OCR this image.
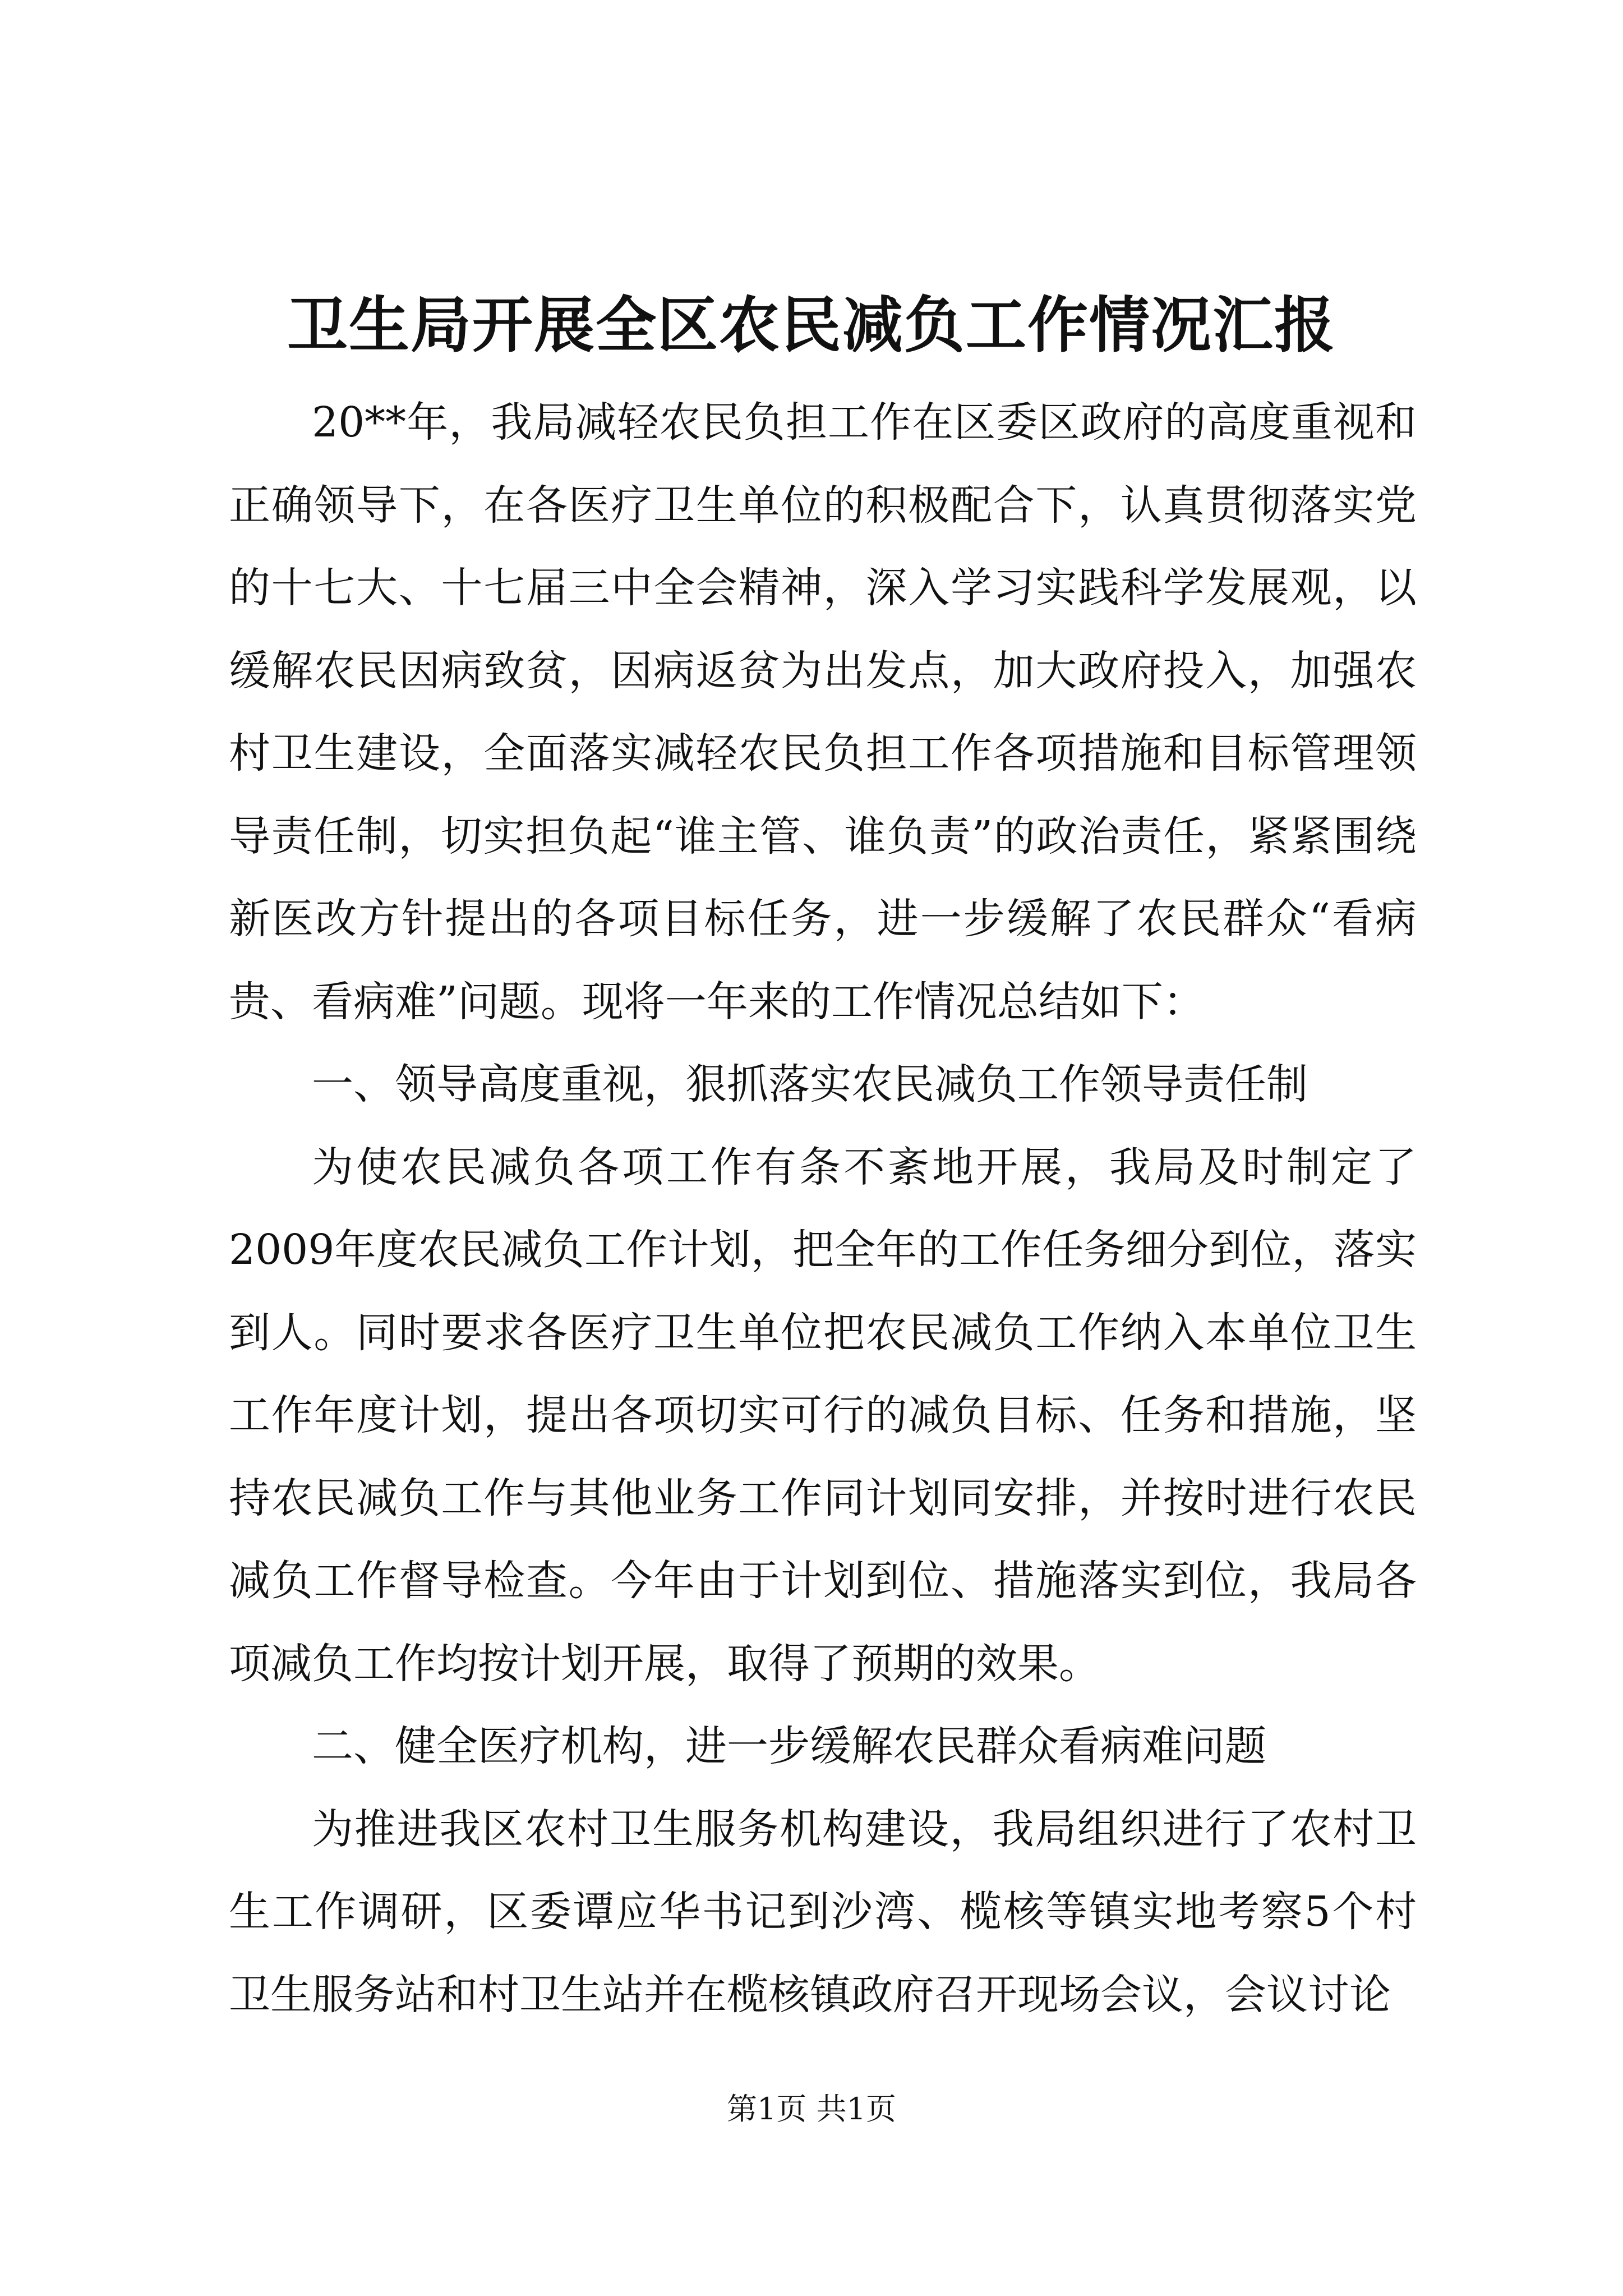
卫生局开展全区农民减负工作情况汇报

20**年，我局减轻农民负担工作在区委区政府的高度重视和正确领导下，在各医疗卫生单位的积极配合下，认真贯彻落实党的十七大、十七届三中全会精神，深入学习实践科学发展观，以缓解农民因病致贫，因病返贫为出发点，加大政府投入，加强农村卫生建设，全面落实减轻农民负担工作各项措施和目标管理领导责任制，切实担负起“谁主管、谁负责”的政治责任，紧紧围绕新医改方针提出的各项目标任务，进一步缓解了农民群众“看病贵、看病难”问题。现将一年来的工作情况总结如下：

一、领导高度重视，狠抓落实农民减负工作领导责任制

为使农民减负各项工作有条不紊地开展，我局及时制定了2009年度农民减负工作计划，把全年的工作任务细分到位，落实到人。同时要求各医疗卫生单位把农民减负工作纳入本单位卫生工作年度计划，提出各项切实可行的减负目标、任务和措施，坚持农民减负工作与其他业务工作同计划同安排，并按时进行农民减负工作督导检查。今年由于计划到位、措施落实到位，我局各项减负工作均按计划开展，取得了预期的效果。

二、健全医疗机构，进一步缓解农民群众看病难问题

为推进我区农村卫生服务机构建设，我局组织进行了农村卫生工作调研，区委谭应华书记到沙湾、榄核等镇实地考察5个村卫生服务站和村卫生站并在榄核镇政府召开现场会议，会议讨论

第1页 共1页
